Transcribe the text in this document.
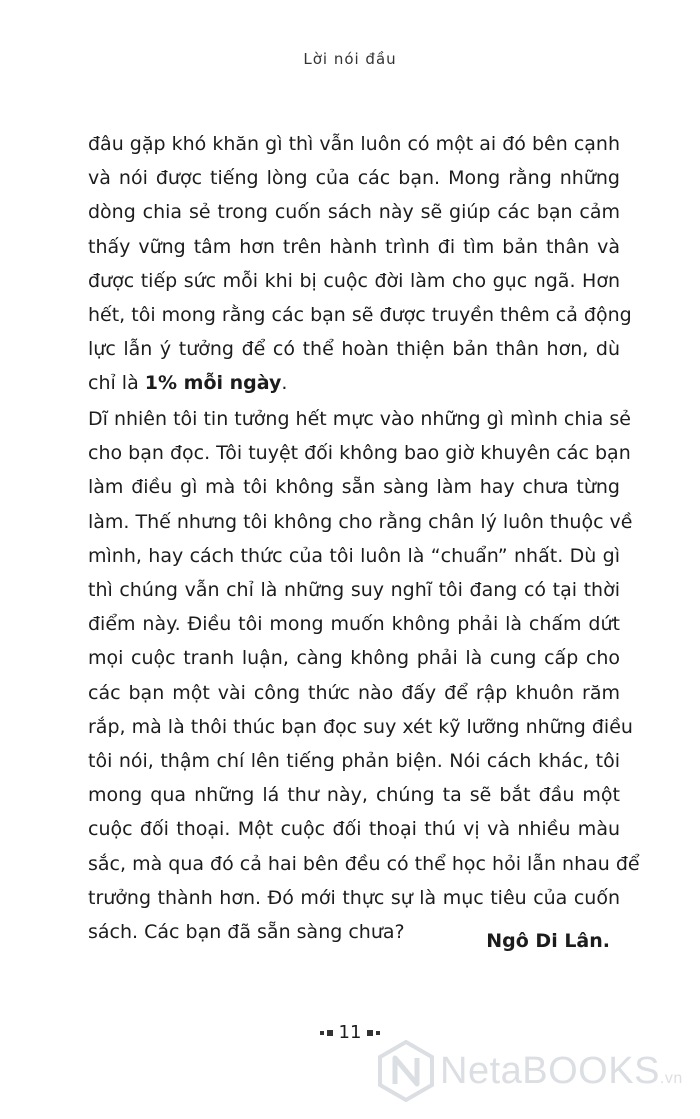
Lời nói đầu
đâu gặp khó khăn gì thì vẫn luôn có một ai đó bên cạnh
và nói được tiếng lòng của các bạn. Mong rằng những
dòng chia sẻ trong cuốn sách này sẽ giúp các bạn cảm
thấy vững tâm hơn trên hành trình đi tìm bản thân và
được tiếp sức mỗi khi bị cuộc đời làm cho gục ngã. Hơn
hết, tôi mong rằng các bạn sẽ được truyền thêm cả động
lực lẫn ý tưởng để có thể hoàn thiện bản thân hơn, dù
chỉ là 1% mỗi ngày.
Dĩ nhiên tôi tin tưởng hết mực vào những gì mình chia sẻ
cho bạn đọc. Tôi tuyệt đối không bao giờ khuyên các bạn
làm điều gì mà tôi không sẵn sàng làm hay chưa từng
làm. Thế nhưng tôi không cho rằng chân lý luôn thuộc về
mình, hay cách thức của tôi luôn là “chuẩn” nhất. Dù gì
thì chúng vẫn chỉ là những suy nghĩ tôi đang có tại thời
điểm này. Điều tôi mong muốn không phải là chấm dứt
mọi cuộc tranh luận, càng không phải là cung cấp cho
các bạn một vài công thức nào đấy để rập khuôn răm
rắp, mà là thôi thúc bạn đọc suy xét kỹ lưỡng những điều
tôi nói, thậm chí lên tiếng phản biện. Nói cách khác, tôi
mong qua những lá thư này, chúng ta sẽ bắt đầu một
cuộc đối thoại. Một cuộc đối thoại thú vị và nhiều màu
sắc, mà qua đó cả hai bên đều có thể học hỏi lẫn nhau để
trưởng thành hơn. Đó mới thực sự là mục tiêu của cuốn
sách. Các bạn đã sẵn sàng chưa?	Ngô Di Lân.
11
NetaBOOKS.vn
